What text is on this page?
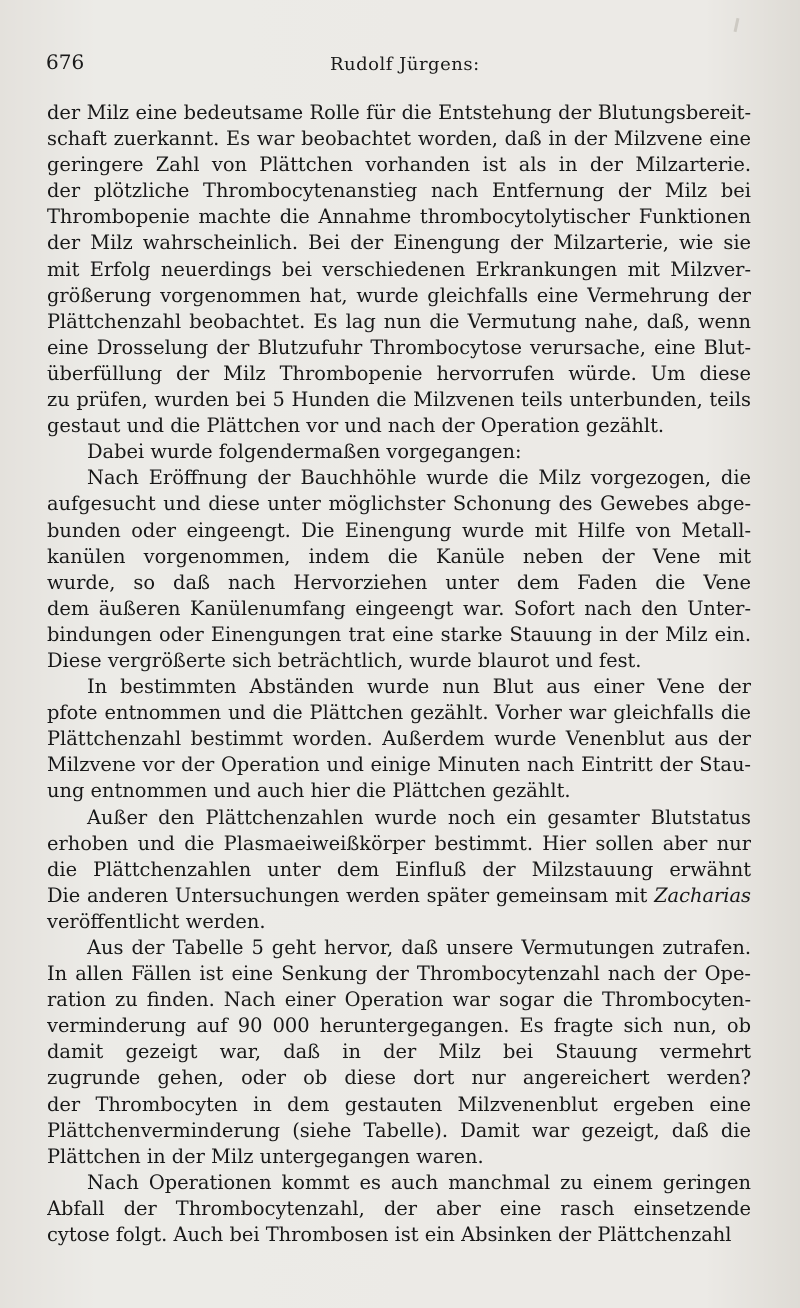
676	Rudolf Jürgens:
der Milz eine bedeutsame Rolle für die Entstehung der Blutungsbereit-
schaft zuerkannt. Es war beobachtet worden, daß in der Milzvene eine
geringere Zahl von Plättchen vorhanden ist als in der Milzarterie.
der plötzliche Thrombocytenanstieg nach Entfernung der Milz bei
Thrombopenie machte die Annahme thrombocytolytischer Funktionen
der Milz wahrscheinlich. Bei der Einengung der Milzarterie, wie sie
mit Erfolg neuerdings bei verschiedenen Erkrankungen mit Milzver-
größerung vorgenommen hat, wurde gleichfalls eine Vermehrung der
Plättchenzahl beobachtet. Es lag nun die Vermutung nahe, daß, wenn
eine Drosselung der Blutzufuhr Thrombocytose verursache, eine Blut-
überfüllung der Milz Thrombopenie hervorrufen würde. Um diese
zu prüfen, wurden bei 5 Hunden die Milzvenen teils unterbunden, teils
gestaut und die Plättchen vor und nach der Operation gezählt.
Dabei wurde folgendermaßen vorgegangen:
Nach Eröffnung der Bauchhöhle wurde die Milz vorgezogen, die
aufgesucht und diese unter möglichster Schonung des Gewebes abge-
bunden oder eingeengt. Die Einengung wurde mit Hilfe von Metall-
kanülen vorgenommen, indem die Kanüle neben der Vene mit
wurde, so daß nach Hervorziehen unter dem Faden die Vene
dem äußeren Kanülenumfang eingeengt war. Sofort nach den Unter-
bindungen oder Einengungen trat eine starke Stauung in der Milz ein.
Diese vergrößerte sich beträchtlich, wurde blaurot und fest.
In bestimmten Abständen wurde nun Blut aus einer Vene der
pfote entnommen und die Plättchen gezählt. Vorher war gleichfalls die
Plättchenzahl bestimmt worden. Außerdem wurde Venenblut aus der
Milzvene vor der Operation und einige Minuten nach Eintritt der Stau-
ung entnommen und auch hier die Plättchen gezählt.
Außer den Plättchenzahlen wurde noch ein gesamter Blutstatus
erhoben und die Plasmaeiweißkörper bestimmt. Hier sollen aber nur
die Plättchenzahlen unter dem Einfluß der Milzstauung erwähnt
Die anderen Untersuchungen werden später gemeinsam mit Zacharias
veröffentlicht werden.
Aus der Tabelle 5 geht hervor, daß unsere Vermutungen zutrafen.
In allen Fällen ist eine Senkung der Thrombocytenzahl nach der Ope-
ration zu finden. Nach einer Operation war sogar die Thrombocyten-
verminderung auf 90 000 heruntergegangen. Es fragte sich nun, ob
damit gezeigt war, daß in der Milz bei Stauung vermehrt
zugrunde gehen, oder ob diese dort nur angereichert werden?
der Thrombocyten in dem gestauten Milzvenenblut ergeben eine
Plättchenverminderung (siehe Tabelle). Damit war gezeigt, daß die
Plättchen in der Milz untergegangen waren.
Nach Operationen kommt es auch manchmal zu einem geringen
Abfall der Thrombocytenzahl, der aber eine rasch einsetzende
cytose folgt. Auch bei Thrombosen ist ein Absinken der Plättchenzahl
